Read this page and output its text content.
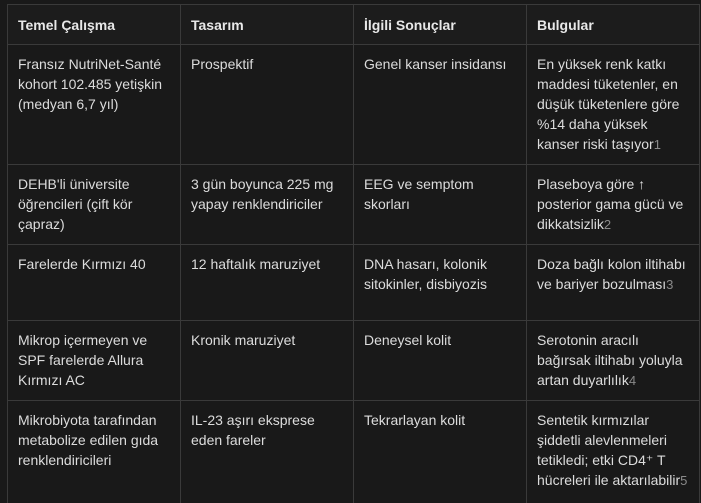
Temel Çalışma	Tasarım	İlgili Sonuçlar	Bulgular
Fransız NutriNet-Santé kohort 102.485 yetişkin (medyan 6,7 yıl)	Prospektif	Genel kanser insidansı	En yüksek renk katkı maddesi tüketenler, en düşük tüketenlere göre %14 daha yüksek kanser riski taşıyor1
DEHB'li üniversite öğrencileri (çift kör çapraz)	3 gün boyunca 225 mg yapay renklendiriciler	EEG ve semptom skorları	Plaseboya göre ↑ posterior gama gücü ve dikkatsizlik2
Farelerde Kırmızı 40	12 haftalık maruziyet	DNA hasarı, kolonik sitokinler, disbiyozis	Doza bağlı kolon iltihabı ve bariyer bozulması3
Mikrop içermeyen ve SPF farelerde Allura Kırmızı AC	Kronik maruziyet	Deneysel kolit	Serotonin aracılı bağırsak iltihabı yoluyla artan duyarlılık4
Mikrobiyota tarafından metabolize edilen gıda renklendiricileri	IL-23 aşırı eksprese eden fareler	Tekrarlayan kolit	Sentetik kırmızılar şiddetli alevlenmeleri tetikledi; etki CD4⁺ T hücreleri ile aktarılabilir5
